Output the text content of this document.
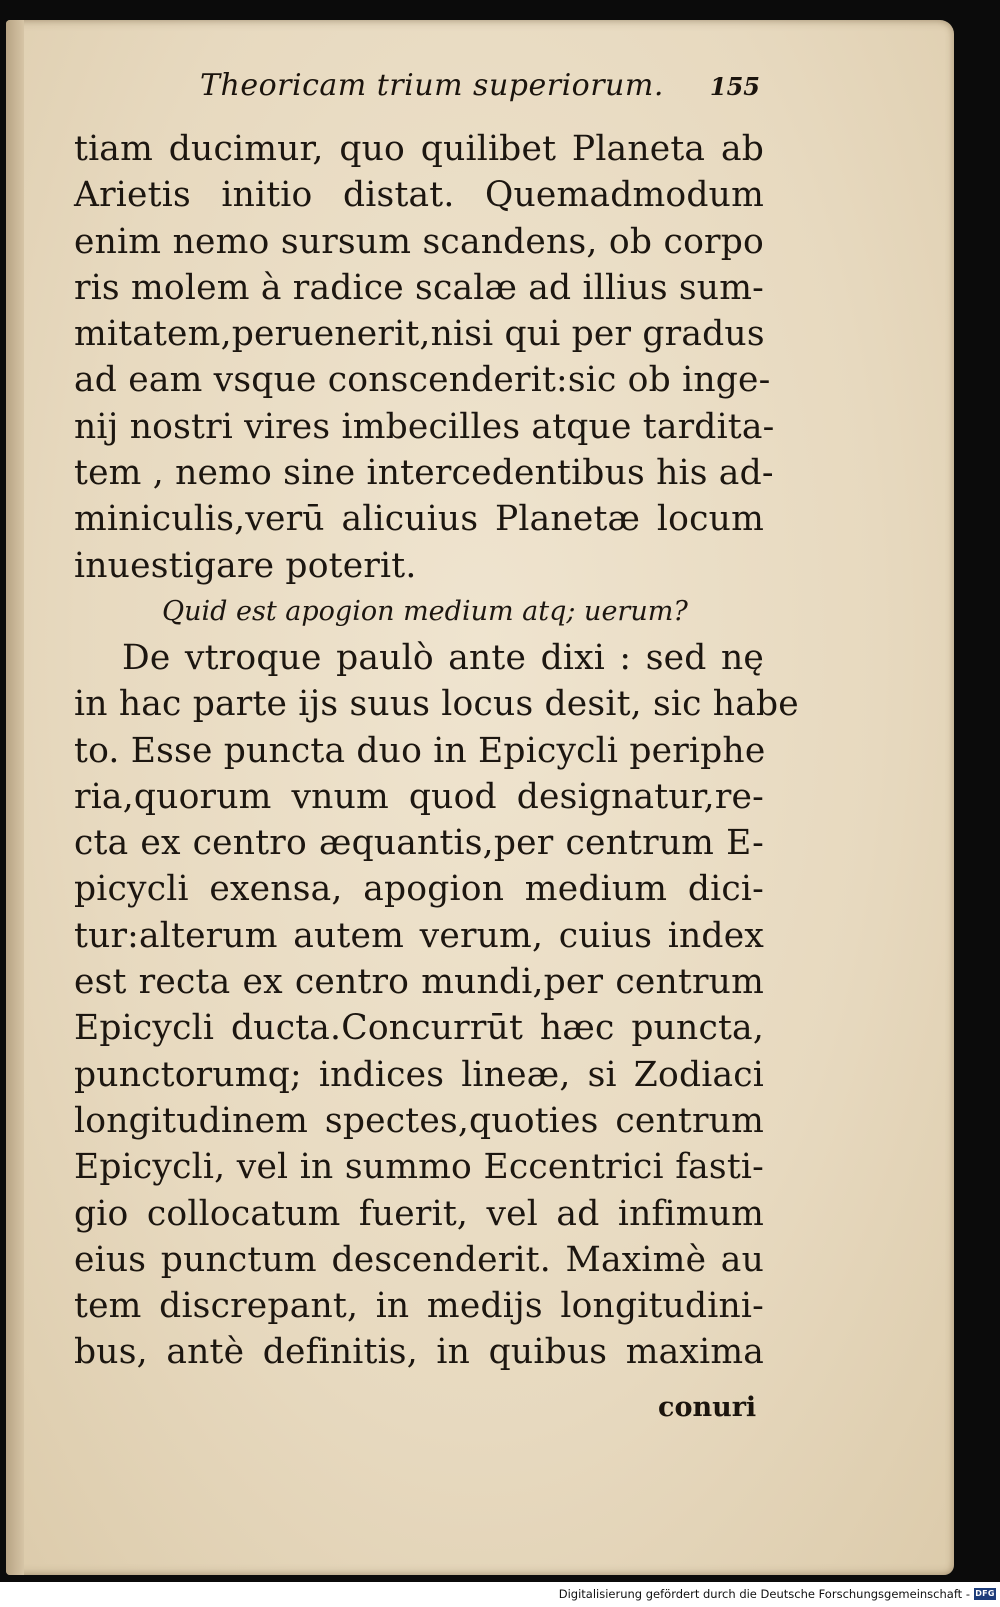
Theoricam trium superiorum. 155
tiam ducimur, quo quilibet Planeta ab
Arietis initio distat. Quemadmodum
enim nemo sursum scandens, ob corpo
ris molem à radice scalæ ad illius sum-
mitatem,peruenerit,nisi qui per gradus
ad eam vsque conscenderit:sic ob inge-
nij nostri vires imbecilles atque tardita-
tem , nemo sine intercedentibus his ad-
miniculis,verū alicuius Planetæ locum
inuestigare poterit.
Quid est apogion medium atq; uerum?
De vtroque paulò ante dixi : sed nę
in hac parte ijs suus locus desit, sic habe
to. Esse puncta duo in Epicycli periphe
ria,quorum vnum quod designatur,re-
cta ex centro æquantis,per centrum E-
picycli exensa, apogion medium dici-
tur:alterum autem verum, cuius index
est recta ex centro mundi,per centrum
Epicycli ducta.Concurrūt hæc puncta,
punctorumq; indices lineæ, si Zodiaci
longitudinem spectes,quoties centrum
Epicycli, vel in summo Eccentrici fasti-
gio collocatum fuerit, vel ad infimum
eius punctum descenderit. Maximè au
tem discrepant, in medijs longitudini-
bus, antè definitis, in quibus maxima
conuri
Digitalisierung gefördert durch die Deutsche Forschungsgemeinschaft - DFG
